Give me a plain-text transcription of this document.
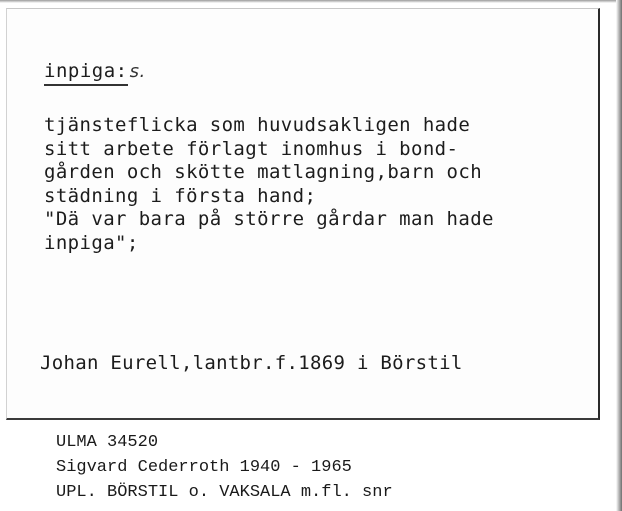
inpiga: s.
tjänsteflicka som huvudsakligen hade
sitt arbete förlagt inomhus i bond-
gården och skötte matlagning,barn och
städning i första hand;
"Dä var bara på större gårdar man hade
inpiga";
Johan Eurell,lantbr.f.1869 i Börstil
ULMA 34520
Sigvard Cederroth 1940 - 1965
UPL. BÖRSTIL o. VAKSALA m.fl. snr
